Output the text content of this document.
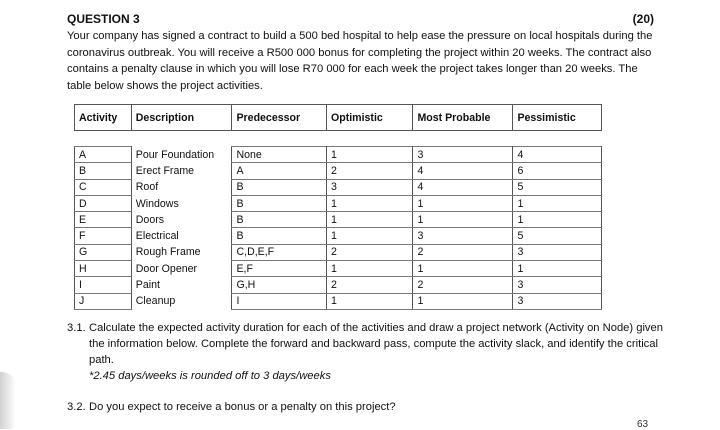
QUESTION 3	(20)
Your company has signed a contract to build a 500 bed hospital to help ease the pressure on local hospitals during the coronavirus outbreak. You will receive a R500 000 bonus for completing the project within 20 weeks. The contract also contains a penalty clause in which you will lose R70 000 for each week the project takes longer than 20 weeks. The table below shows the project activities.
Activity	Description	Predecessor	Optimistic	Most Probable	Pessimistic

A	Pour Foundation	None	1	3	4
B	Erect Frame	A	2	4	6
C	Roof	B	3	4	5
D	Windows	B	1	1	1
E	Doors	B	1	1	1
F	Electrical	B	1	3	5
G	Rough Frame	C,D,E,F	2	2	3
H	Door Opener	E,F	1	1	1
I	Paint	G,H	2	2	3
J	Cleanup	I	1	1	3
3.1. Calculate the expected activity duration for each of the activities and draw a project network (Activity on Node) given the information below. Complete the forward and backward pass, compute the activity slack, and identify the critical path.
*2.45 days/weeks is rounded off to 3 days/weeks
3.2. Do you expect to receive a bonus or a penalty on this project?
63
